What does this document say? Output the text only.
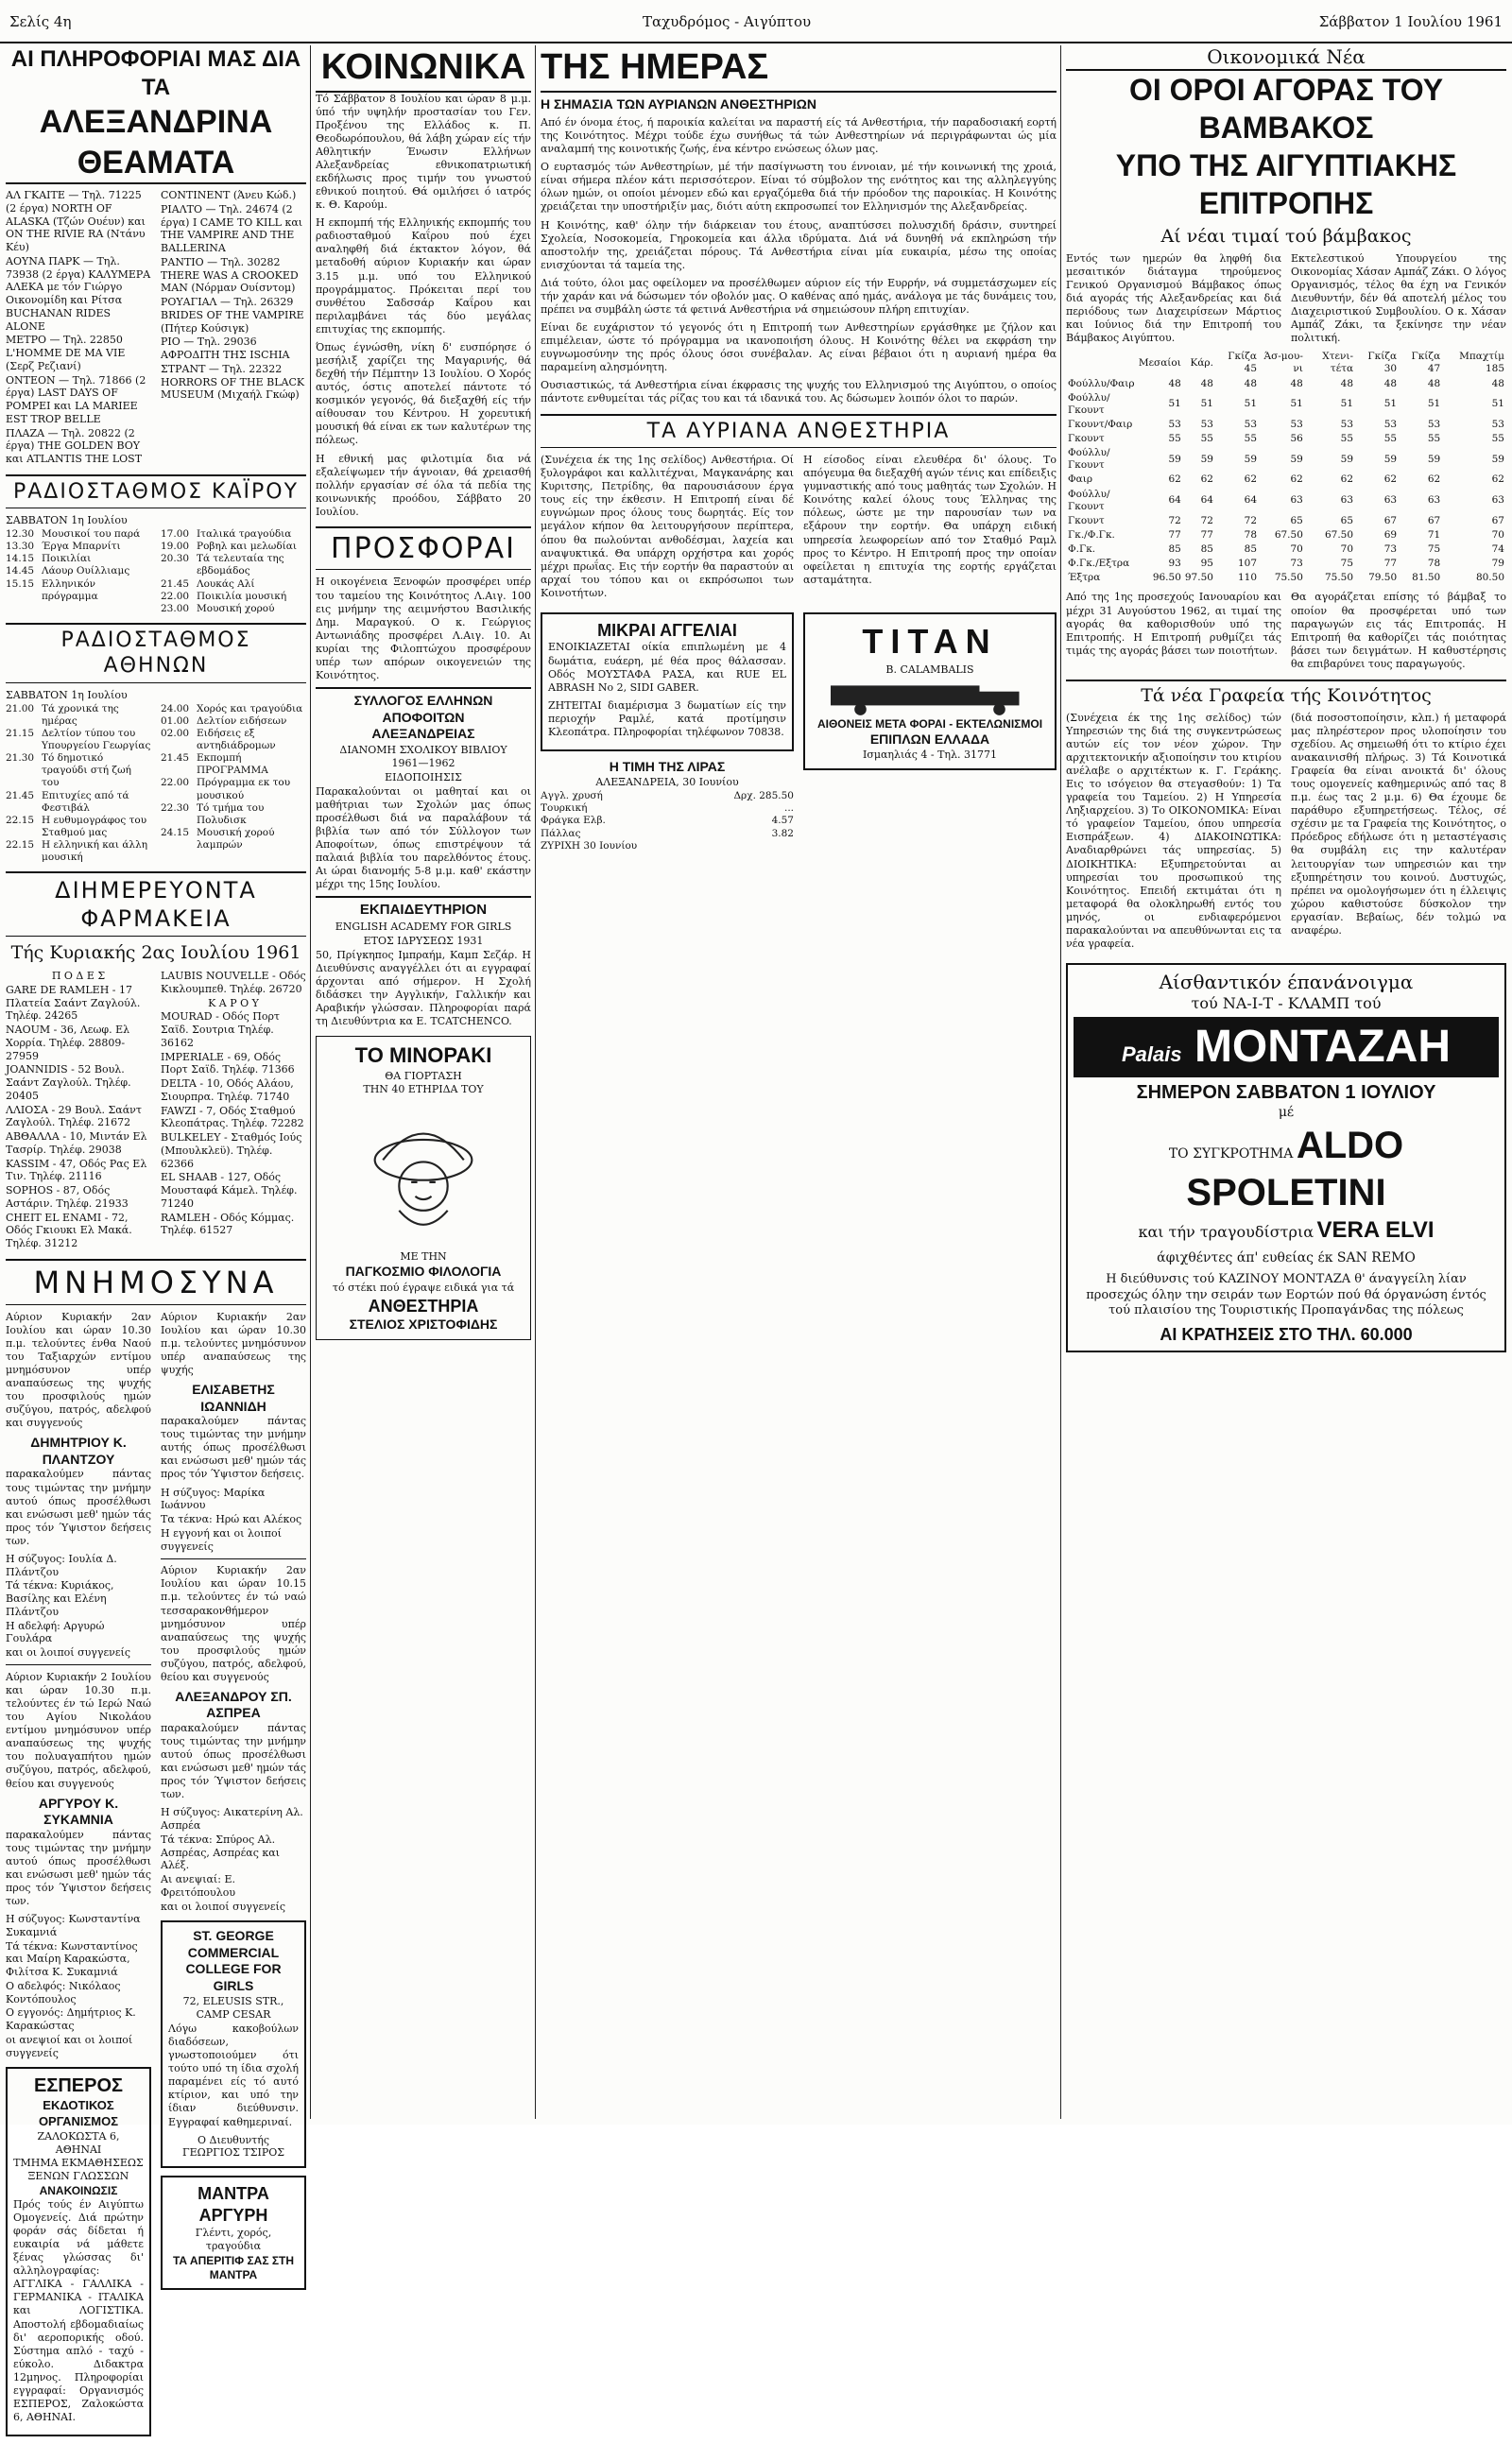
Σελίς 4η	Ταχυδρόμος - Αιγύπτου	Σάββατον 1 Ιουλίου 1961
ΑΙ ΠΛΗΡΟΦΟΡΙΑΙ ΜΑΣ ΔΙΑ ΤΑ
ΑΛΕΞΑΝΔΡΙΝΑ ΘΕΑΜΑΤΑ
ΑΛ ΓΚΑΙΤΕ — Τηλ. 71225 (2 έργα) NORTH OF ALASKA (Τζών Ουέυν) και ON THE RIVIE RA (Ντάνυ Κέυ)
ΑΟΥΝΑ ΠΑΡΚ — Τηλ. 73938 (2 έργα) ΚΑΛΥΜΕΡΑ ΑΛΕΚΑ με τόν Γιώργο Οικονομίδη και Ρίτσα BUCHANAN RIDES ALONE
ΜΕΤΡΟ — Τηλ. 22850 L'HOMME DE MA VIE (Σερζ Ρεζιανί)
ΟΝΤΕΟΝ — Τηλ. 71866 (2 έργα) LAST DAYS OF POMPEI και LA MARIEE EST TROP BELLE
ΠΛΑΖΑ — Τηλ. 20822 (2 έργα) THE GOLDEN BOY και ATLANTIS THE LOST
CONTINENT (Άνευ Κώδ.)
ΡΙΑΛΤΟ — Τηλ. 24674 (2 έργα) I CAME TO KILL και THE VAMPIRE AND THE BALLERINA
ΡΑΝΤΙΟ — Τηλ. 30282 THERE WAS A CROOKED MAN (Νόρμαν Ουίσντομ)
ΡΟΥΑΓΙΑΛ — Τηλ. 26329 BRIDES OF THE VAMPIRE (Πήτερ Κούσιγκ)
ΡΙΟ — Τηλ. 29036 ΑΦΡΟΔΙΤΗ ΤΗΣ ISCHIA
ΣΤΡΑΝΤ — Τηλ. 22322 HORRORS OF THE BLACK MUSEUM (Μιχαήλ Γκώφ)
ΡΑΔΙΟΣΤΑΘΜΟΣ ΚΑΪΡΟΥ
ΣΑΒΒΑΤΟΝ 1η Ιουλίου
12.30 Μουσικοί του παρά
13.30 Έργα Μπαρνίτι
14.15 Ποικιλίαι
14.45 Λάουρ Ουίλλιαμς
15.15 Ελληνικόν πρόγραμμα
17.00 Ιταλικά τραγούδια
19.00 Ροβηλ και μελωδίαι
20.30 Τά τελευταία της εβδομάδος
21.45 Λουκάς Αλί
22.00 Ποικιλία μουσική
23.00 Μουσική χορού
ΡΑΔΙΟΣΤΑΘΜΟΣ ΑΘΗΝΩΝ
ΣΑΒΒΑΤΟΝ 1η Ιουλίου
21.00 Τά χρονικά της ημέρας
21.15 Δελτίον τύπου του Υπουργείου Γεωργίας
21.30 Τό δημοτικό τραγούδι στή ζωή του
21.45 Επιτυχίες από τά Φεστιβάλ
22.15 Η ευθυμογράφος του Σταθμού μας
22.15 Η ελληνική και άλλη μουσική
24.00 Χορός και τραγούδια
01.00 Δελτίον ειδήσεων
02.00 Ειδήσεις εξ αντηδιάδρομων
21.45 Εκπομπή ΠΡΟΓΡΑΜΜΑ
22.00 Πρόγραμμα εκ του μουσικού
22.30 Τό τμήμα του Πολυδισκ
24.15 Μουσική χορού λαμπρών
ΔΙΗΜΕΡΕΥΟΝΤΑ ΦΑΡΜΑΚΕΙΑ
Τής Κυριακής 2ας Ιουλίου 1961
Π Ο Δ Ε Σ
GARE DE RAMLEH - 17 Πλατεία Σαάντ Ζαγλούλ. Τηλέφ. 24265
ΝΑΟUM - 36, Λεωφ. Ελ Χορρία. Τηλέφ. 28809-27959
JOANNIDIS - 52 Βουλ. Σαάντ Ζαγλούλ. Τηλέφ. 20405
ΛΛΙΟΣΑ - 29 Βουλ. Σαάντ Ζαγλούλ. Τηλέφ. 21672
ΑΒΘΑΛΛΑ - 10, Μιντάν Ελ Τασρίρ. Τηλέφ. 29038
KASSIM - 47, Οδός Ρας Ελ Τιν. Τηλέφ. 21116
SOPHOS - 87, Οδός Αστάριν. Τηλέφ. 21933
CHEIT EL ENAMI - 72, Οδός Γκιουκι Ελ Μακά. Τηλέφ. 31212
LAUBIS NOUVELLE - Οδός Κικλουμπεθ. Τηλέφ. 26720
Κ Α Ρ Ο Υ
MOURAD - Οδός Πορτ Σαϊδ. Σουτρια Τηλέφ. 36162
IMPERIALE - 69, Οδός Πορτ Σαϊδ. Τηλέφ. 71366
DELTA - 10, Οδός Αλάου, Σιουρπρα. Τηλέφ. 71740
FAWZI - 7, Οδός Σταθμού Κλεοπάτρας. Τηλέφ. 72282
BULKELEY - Σταθμός Ιούς (Μπουλκλεϋ). Τηλέφ. 62366
EL SHAAB - 127, Οδός Μουσταφά Κάμελ. Τηλέφ. 71240
RAMLEH - Οδός Κόμμας. Τηλέφ. 61527
ΜΝΗΜΟΣΥΝΑ

Αύριον Κυριακήν 2αν Ιουλίου και ώραν 10.30 π.μ. τελούντες ένθα Ναού του Ταξιαρχών εντίμου μνημόσυνον υπέρ αναπαύσεως της ψυχής του προσφιλούς ημών συζύγου, πατρός, αδελφού και συγγενούς

ΔΗΜΗΤΡΙΟΥ Κ. ΠΛΑΝΤΖΟΥ

παρακαλούμεν πάντας τους τιμώντας την μνήμην αυτού όπως προσέλθωσι και ενώσωσι μεθ' ημών τάς προς τόν Ύψιστον δεήσεις των.

Η σύζυγος: Ιουλία Δ. Πλάντζου
Τά τέκνα: Κυριάκος, Βασίλης και Ελένη Πλάντζου
Η αδελφή: Αργυρώ Γουλάρα
και οι λοιποί συγγενείς

Αύριον Κυριακήν 2 Ιουλίου και ώραν 10.30 π.μ. τελούντες έν τώ Ιερώ Ναώ του Αγίου Νικολάου εντίμου μνημόσυνον υπέρ αναπαύσεως της ψυχής του πολυαγαπήτου ημών συζύγου, πατρός, αδελφού, θείου και συγγενούς

ΑΡΓΥΡΟΥ Κ. ΣΥΚΑΜΝΙΑ

παρακαλούμεν πάντας τους τιμώντας την μνήμην αυτού όπως προσέλθωσι και ενώσωσι μεθ' ημών τάς προς τόν Ύψιστον δεήσεις των.

Η σύζυγος: Κωνσταντίνα Συκαμνιά
Τά τέκνα: Κωνσταντίνος και Μαίρη Καρακώστα, Φιλίτσα Κ. Συκαμνιά
Ο αδελφός: Νικόλαος Κοντόπουλος
Ο εγγονός: Δημήτριος Κ. Καρακώστας
οι ανεψιοί και οι λοιποί συγγενείς
ΕΣΠΕΡΟΣ
ΕΚΔΟΤΙΚΟΣ ΟΡΓΑΝΙΣΜΟΣ
ΖΑΛΟΚΩΣΤΑ 6, ΑΘΗΝΑΙ
ΤΜΗΜΑ ΕΚΜΑΘΗΣΕΩΣ ΞΕΝΩΝ ΓΛΩΣΣΩΝ
ΑΝΑΚΟΙΝΩΣΙΣ

Πρός τούς έν Αιγύπτω Ομογενείς. Διά πρώτην φοράν σάς δίδεται ή ευκαιρία νά μάθετε ξένας γλώσσας δι' αλληλογραφίας: ΑΓΓΛΙΚΑ - ΓΑΛΛΙΚΑ - ΓΕΡΜΑΝΙΚΑ - ΙΤΑΛΙΚΑ και ΛΟΓΙΣΤΙΚΑ. Αποστολή εβδομαδιαίως δι' αεροπορικής οδού. Σύστημα απλό - ταχύ - εύκολο. Διδακτρα 12μηνος. Πληροφορίαι εγγραφαί: Οργανισμός ΕΣΠΕΡΟΣ, Ζαλοκώστα 6, ΑΘΗΝΑΙ.

Αύριον Κυριακήν 2αν Ιουλίου και ώραν 10.30 π.μ. τελούντες μνημόσυνον υπέρ αναπαύσεως της ψυχής

ΕΛΙΣΑΒΕΤΗΣ ΙΩΑΝΝΙΔΗ

παρακαλούμεν πάντας τους τιμώντας την μνήμην αυτής όπως προσέλθωσι και ενώσωσι μεθ' ημών τάς προς τόν Ύψιστον δεήσεις.

Η σύζυγος: Μαρίκα Ιωάννου
Τα τέκνα: Ηρώ και Αλέκος
Η εγγονή και οι λοιποί συγγενείς

Αύριον Κυριακήν 2αν Ιουλίου και ώραν 10.15 π.μ. τελούντες έν τώ ναώ τεσσαρακονθήμερον μνημόσυνον υπέρ αναπαύσεως της ψυχής του προσφιλούς ημών συζύγου, πατρός, αδελφού, θείου και συγγενούς

ΑΛΕΞΑΝΔΡΟΥ ΣΠ. ΑΣΠΡΕΑ

παρακαλούμεν πάντας τους τιμώντας την μνήμην αυτού όπως προσέλθωσι και ενώσωσι μεθ' ημών τάς προς τόν Ύψιστον δεήσεις των.

Η σύζυγος: Αικατερίνη Αλ. Ασπρέα
Τά τέκνα: Σπύρος Αλ. Ασπρέας, Ασπρέας και Αλέξ.
Αι ανεψιαί: Ε. Φρειτόπουλου
και οι λοιποί συγγενείς
ST. GEORGE COMMERCIAL
COLLEGE FOR GIRLS
72, ELEUSIS STR., CAMP CESAR

Λόγω κακοβούλων διαδόσεων, γνωστοποιούμεν ότι τούτο υπό τη ίδια σχολή παραμένει είς τό αυτό κτίριον, και υπό την ίδιαν διεύθυνσιν. Εγγραφαί καθημεριναί.

Ο Διευθυντής ΓΕΩΡΓΙΟΣ ΤΣΙΡΟΣ
ΜΑΝΤΡΑ ΑΡΓΥΡΗ
Γλέντι, χορός, τραγούδια
ΤΑ ΑΠΕΡΙΤΙΦ ΣΑΣ ΣΤΗ ΜΑΝΤΡΑ
ΚΟΙΝΩΝΙΚΑ

Τό Σάββατον 8 Ιουλίου και ώραν 8 μ.μ. ύπό τήν υψηλήν προστασίαν του Γεν. Προξένου της Ελλάδος κ. Π. Θεοδωρόπουλου, θά λάβη χώραν είς τήν Αθλητικήν Ένωσιν Ελλήνων Αλεξανδρείας εθνικοπατριωτική εκδήλωσις προς τιμήν του γνωστού εθνικού ποιητού. Θά ομιλήσει ό ιατρός κ. Θ. Καρούμ.

Η εκπομπή τής Ελληνικής εκπομπής του ραδιοσταθμού Καΐρου πού έχει αναληφθή διά έκτακτον λόγον, θά μεταδοθή αύριον Κυριακήν και ώραν 3.15 μ.μ. υπό του Ελληνικού προγράμματος. Πρόκειται περί του συνθέτου Σαδσσάρ Καΐρου και περιλαμβάνει τάς δύο μεγάλας επιτυχίας της εκπομπής.

Όπως έγνώσθη, νίκη δ' ευσπόρησε ό μεσήλιξ χαρίζει της Μαγαρινής, θά δεχθή τήν Πέμπτην 13 Ιουλίου. Ο Χορός αυτός, όστις αποτελεί πάντοτε τό κοσμικόν γεγονός, θά διεξαχθή είς τήν αίθουσαν του Κέντρου. Η χορευτική μουσική θά είναι εκ των καλυτέρων της πόλεως.

Η εθνική μας φιλοτιμία δια νά εξαλείψωμεν τήν άγνοιαν, θά χρειασθή πολλήν εργασίαν σέ όλα τά πεδία της κοινωνικής προόδου, Σάββατο 20 Ιουλίου.

ΠΡΟΣΦΟΡΑΙ

Η οικογένεια Ξενοφών προσφέρει υπέρ του ταμείου της Κοινότητος Λ.Αιγ. 100 εις μνήμην της αειμνήστου Βασιλικής Δημ. Μαραγκού. Ο κ. Γεώργιος Αντωνιάδης προσφέρει Λ.Αιγ. 10. Αι κυρίαι της Φιλοπτώχου προσφέρουν υπέρ των απόρων οικογενειών της Κοινότητος.

ΣΥΛΛΟΓΟΣ ΕΛΛΗΝΩΝ ΑΠΟΦΟΙΤΩΝ
ΑΛΕΞΑΝΔΡΕΙΑΣ
ΔΙΑΝΟΜΗ ΣΧΟΛΙΚΟΥ ΒΙΒΛΙΟΥ
1961—1962
ΕΙΔΟΠΟΙΗΣΙΣ

Παρακαλούνται οι μαθηταί και οι μαθήτριαι των Σχολών μας όπως προσέλθωσι διά να παραλάβουν τά βιβλία των από τόν Σύλλογον των Αποφοίτων, όπως επιστρέψουν τά παλαιά βιβλία του παρελθόντος έτους. Αι ώραι διανομής 5-8 μ.μ. καθ' εκάστην μέχρι της 15ης Ιουλίου.

ΕΚΠΑΙΔΕΥΤΗΡΙΟΝ
ENGLISH ACADEMY FOR GIRLS
ΕΤΟΣ ΙΔΡΥΣΕΩΣ 1931

50, Πρίγκηπος Ιμπραήμ, Καμπ Σεζάρ. Η Διευθύνσις αναγγέλλει ότι αι εγγραφαί άρχονται από σήμερον. Η Σχολή διδάσκει την Αγγλικήν, Γαλλικήν και Αραβικήν γλώσσαν. Πληροφορίαι παρά τη Διευθύντρια κα Ε. TCATCHENCO.

ΤΟ ΜΙΝΟΡΑΚΙ
ΘΑ ΓΙΟΡΤΑΣΗ
ΤΗΝ 40 ΕΤΗΡΙΔΑ ΤΟΥ
ΜΕ ΤΗΝ
ΠΑΓΚΟΣΜΙΟ ΦΙΛΟΛΟΓΙΑ
τό στέκι πού έγραψε ειδικά για τά
ΑΝΘΕΣΤΗΡΙΑ
ΣΤΕΛΙΟΣ ΧΡΙΣΤΟΦΙΔΗΣ
ΤΗΣ ΗΜΕΡΑΣ
Η ΣΗΜΑΣΙΑ ΤΩΝ ΑΥΡΙΑΝΩΝ ΑΝΘΕΣΤΗΡΙΩΝ

Από έν όνομα έτος, ή παροικία καλείται να παραστή είς τά Ανθεστήρια, τήν παραδοσιακή εορτή της Κοινότητος. Μέχρι τούδε έχω συνήθως τά τών Ανθεστηρίων νά περιγράφωνται ώς μία αναλαμπή της κοινοτικής ζωής, ένα κέντρο ενώσεως όλων μας.

Ο ευρτασμός τών Ανθεστηρίων, μέ τήν πασίγνωστη του έννοιαν, μέ τήν κοινωνική της χροιά, είναι σήμερα πλέον κάτι περισσότερον. Είναι τό σύμβολον της ενότητος και της αλληλεγγύης όλων ημών, οι οποίοι μένομεν εδώ και εργαζόμεθα διά τήν πρόοδον της παροικίας. Η Κοινότης χρειάζεται την υποστήριξίν μας, διότι αύτη εκπροσωπεί τον Ελληνισμόν της Αλεξανδρείας.

Η Κοινότης, καθ' όλην τήν διάρκειαν του έτους, αναπτύσσει πολυσχιδή δράσιν, συντηρεί Σχολεία, Νοσοκομεία, Γηροκομεία και άλλα ιδρύματα. Διά νά δυνηθή νά εκπληρώση τήν αποστολήν της, χρειάζεται πόρους. Τά Ανθεστήρια είναι μία ευκαιρία, μέσω της οποίας ενισχύονται τά ταμεία της.

Διά τούτο, όλοι μας οφείλομεν να προσέλθωμεν αύριον είς τήν Ευρρήν, νά συμμετάσχωμεν είς τήν χαράν και νά δώσωμεν τόν οβολόν μας. Ο καθένας από ημάς, ανάλογα με τάς δυνάμεις του, πρέπει να συμβάλη ώστε τά φετινά Ανθεστήρια νά σημειώσουν πλήρη επιτυχίαν.

Είναι δε ευχάριστον τό γεγονός ότι η Επιτροπή των Ανθεστηρίων εργάσθηκε με ζήλον και επιμέλειαν, ώστε τό πρόγραμμα να ικανοποιήση όλους. Η Κοινότης θέλει να εκφράση την ευγνωμοσύνην της πρός όλους όσοι συνέβαλαν. Ας είναι βέβαιοι ότι η αυριανή ημέρα θα παραμείνη αλησμόνητη.

Ουσιαστικώς, τά Ανθεστήρια είναι έκφρασις της ψυχής του Ελληνισμού της Αιγύπτου, ο οποίος πάντοτε ενθυμείται τάς ρίζας του και τά ιδανικά του. Ας δώσωμεν λοιπόν όλοι το παρών.

ΤΑ ΑΥΡΙΑΝΑ ΑΝΘΕΣΤΗΡΙΑ

(Συνέχεια έκ της 1ης σελίδος) Ανθεστήρια. Οί ξυλογράφοι και καλλιτέχναι, Μαγκανάρης και Κυριτσης, Πετρίδης, θα παρουσιάσουν έργα τους είς την έκθεσιν. Η Επιτροπή είναι δέ ευγνώμων προς όλους τους δωρητάς. Είς τον μεγάλον κήπον θα λειτουργήσουν περίπτερα, όπου θα πωλούνται ανθοδέσμαι, λαχεία και αναψυκτικά. Θα υπάρχη ορχήστρα και χορός μέχρι πρωΐας. Εις τήν εορτήν θα παραστούν αι αρχαί του τόπου και οι εκπρόσωποι των Κοινοτήτων.

Η είσοδος είναι ελευθέρα δι' όλους. Το απόγευμα θα διεξαχθή αγών τένις και επίδειξις γυμναστικής από τους μαθητάς των Σχολών. Η Κοινότης καλεί όλους τους Έλληνας της πόλεως, ώστε με την παρουσίαν των να εξάρουν την εορτήν. Θα υπάρχη ειδική υπηρεσία λεωφορείων από τον Σταθμό Ραμλ προς το Κέντρο. Η Επιτροπή προς την οποίαν οφείλεται η επιτυχία της εορτής εργάζεται ασταμάτητα.

ΜΙΚΡΑΙ ΑΓΓΕΛΙΑΙ

ΕΝΟΙΚΙΑΖΕΤΑΙ οίκία επιπλωμένη με 4 δωμάτια, ευάερη, μέ θέα προς θάλασσαν. Οδός ΜΟΥΣΤΑΦΑ ΡΑΣΑ, και RUE EL ABRASH Νο 2, SIDI GABER.

ΖΗΤΕΙΤΑΙ διαμέρισμα 3 δωματίων είς την περιοχήν Ραμλέ, κατά προτίμησιν Κλεοπάτρα. Πληροφορίαι τηλέφωνον 70838.

Η ΤΙΜΗ ΤΗΣ ΛΙΡΑΣ
ΑΛΕΞΑΝΔΡΕΙΑ, 30 Ιουνίου
Αγγλ. χρυσή	Δρχ. 285.50
Τουρκική	...
Φράγκα Ελβ.	4.57
Πάλλας	3.82
ΖΥΡΙΧΗ 30 Ιουνίου
TITAN
B. CALAMBALIS
ΑΙΘΟΝΕΙΣ ΜΕΤΑ ΦΟΡΑΙ - ΕΚΤΕΛΩΝΙΣΜΟΙ
ΕΠΙΠΛΩΝ ΕΛΛΑΔΑ
Ισμαηλιάς 4 - Τηλ. 31771
Οικονομικά Νέα
ΟΙ ΟΡΟΙ ΑΓΟΡΑΣ ΤΟΥ ΒΑΜΒΑΚΟΣ
ΥΠΟ ΤΗΣ ΑΙΓΥΠΤΙΑΚΗΣ ΕΠΙΤΡΟΠΗΣ
Αί νέαι τιμαί τού βάμβακος

Εντός των ημερών θα ληφθή δια μεσαιτικόν διάταγμα τηρούμενος Γενικού Οργανισμού Βάμβακος όπως διά αγοράς τής Αλεξανδρείας και διά περιόδους των Διαχειρίσεων Μάρτιος και Ιούνιος διά την Επιτροπή του Βάμβακος Αιγύπτου.

Εκτελεστικού Υπουργείου της Οικονομίας Χάσαν Αμπάζ Ζάκι. Ο λόγος Οργανισμός, τέλος θα έχη να Γενικόν Διευθυντήν, δέν θά αποτελή μέλος του Διαχειριστικού Συμβουλίου. Ο κ. Χάσαν Αμπάζ Ζάκι, τα ξεκίνησε την νέαν πολιτική.

	Μεσαίοι	Κάρ.	Γκίζα 45	Άσ-μου-νι	Χτενι-τέτα	Γκίζα 30	Γκίζα 47	Μπαχτίμ 185
Φούλλυ/Φαιρ	48	48	48	48	48	48	48	48
Φούλλυ/Γκουντ	51	51	51	51	51	51	51	51
Γκουντ/Φαιρ	53	53	53	53	53	53	53	53
Γκουντ	55	55	55	56	55	55	55	55
Φούλλυ/Γκουντ	59	59	59	59	59	59	59	59
Φαιρ	62	62	62	62	62	62	62	62
Φούλλυ/Γκουντ	64	64	64	63	63	63	63	63
Γκουντ	72	72	72	65	65	67	67	67
Γκ./Φ.Γκ.	77	77	78	67.50	67.50	69	71	70
Φ.Γκ.	85	85	85	70	70	73	75	74
Φ.Γκ./Εξτρα	93	95	107	73	75	77	78	79
Έξτρα	96.50	97.50	110	75.50	75.50	79.50	81.50	80.50

Από της 1ης προσεχούς Ιανουαρίου και μέχρι 31 Αυγούστου 1962, αι τιμαί της αγοράς θα καθορισθούν υπό της Επιτροπής. Η Επιτροπή ρυθμίζει τάς τιμάς της αγοράς βάσει των ποιοτήτων.

Θα αγοράζεται επίσης τό βάμβαξ το οποίον θα προσφέρεται υπό των παραγωγών εις τάς Επιτροπάς. Η Επιτροπή θα καθορίζει τάς ποιότητας βάσει των δειγμάτων. Η καθυστέρησις θα επιβαρύνει τους παραγωγούς.

Τά νέα Γραφεία τής Κοινότητος

(Συνέχεια έκ της 1ης σελίδος) τών Υπηρεσιών της διά της συγκεντρώσεως αυτών είς τον νέον χώρον. Την αρχιτεκτονικήν αξιοποίησιν του κτιρίου ανέλαβε ο αρχιτέκτων κ. Γ. Γεράκης. Εις το ισόγειον θα στεγασθούν: 1) Τα γραφεία του Ταμείου. 2) Η Υπηρεσία Ληξιαρχείου. 3) Το ΟΙΚΟΝΟΜΙΚΑ: Είναι τό γραφείον Ταμείου, όπου υπηρεσία Εισπράξεων. 4) ΔΙΑΚΟΙΝΩΤΙΚΑ: Αναδιαρθρώνει τάς υπηρεσίας. 5) ΔΙΟΙΚΗΤΙΚΑ: Εξυπηρετούνται αι υπηρεσίαι του προσωπικού της Κοινότητος. Επειδή εκτιμάται ότι η μεταφορά θα ολοκληρωθή εντός του μηνός, οι ενδιαφερόμενοι παρακαλούνται να απευθύνωνται εις τα νέα γραφεία.

(διά ποσοστοποίησιν, κλπ.) ή μεταφορά μας πληρέστερον προς υλοποίησιν του σχεδίου. Ας σημειωθή ότι το κτίριο έχει ανακαινισθή πλήρως. 3) Τά Κοινοτικά Γραφεία θα είναι ανοικτά δι' όλους τους ομογενείς καθημερινώς από τας 8 π.μ. έως τας 2 μ.μ. 6) Θα έχουμε δε παράθυρο εξυπηρετήσεως. Τέλος, σέ σχέσιν με τα Γραφεία της Κοινότητος, ο Πρόεδρος εδήλωσε ότι η μεταστέγασις θα συμβάλη εις την καλυτέραν λειτουργίαν των υπηρεσιών και την εξυπηρέτησιν του κοινού. Δυστυχώς, πρέπει να ομολογήσωμεν ότι η έλλειψις χώρου καθιστούσε δύσκολον την εργασίαν. Βεβαίως, δέν τολμώ να αναφέρω.

Αίσθαντικόν έπανάνοιγμα
τού ΝΑ-Ι-Τ - ΚΛΑΜΠ τού
Palais ΜΟΝΤΑΖΑΗ
ΣΗΜΕΡΟΝ ΣΑΒΒΑΤΟΝ 1 ΙΟΥΛΙΟΥ
μέ
ΤΟ ΣΥΓΚΡΟΤΗΜΑ ALDO SPOLETINI
και τήν τραγουδίστρια VERA ELVI
άφιχθέντες άπ' ευθείας έκ SAN REMO

Η διεύθυνσις τού ΚΑΖΙΝΟΥ ΜΟΝΤΑΖΑ θ' άναγγείλη λίαν προσεχώς όλην την σειράν των Εορτών πού θά όργανώση έντός τού πλαισίου της Τουριστικής Προπαγάνδας της πόλεως

ΑΙ ΚΡΑΤΗΣΕΙΣ ΣΤΟ ΤΗΛ. 60.000
